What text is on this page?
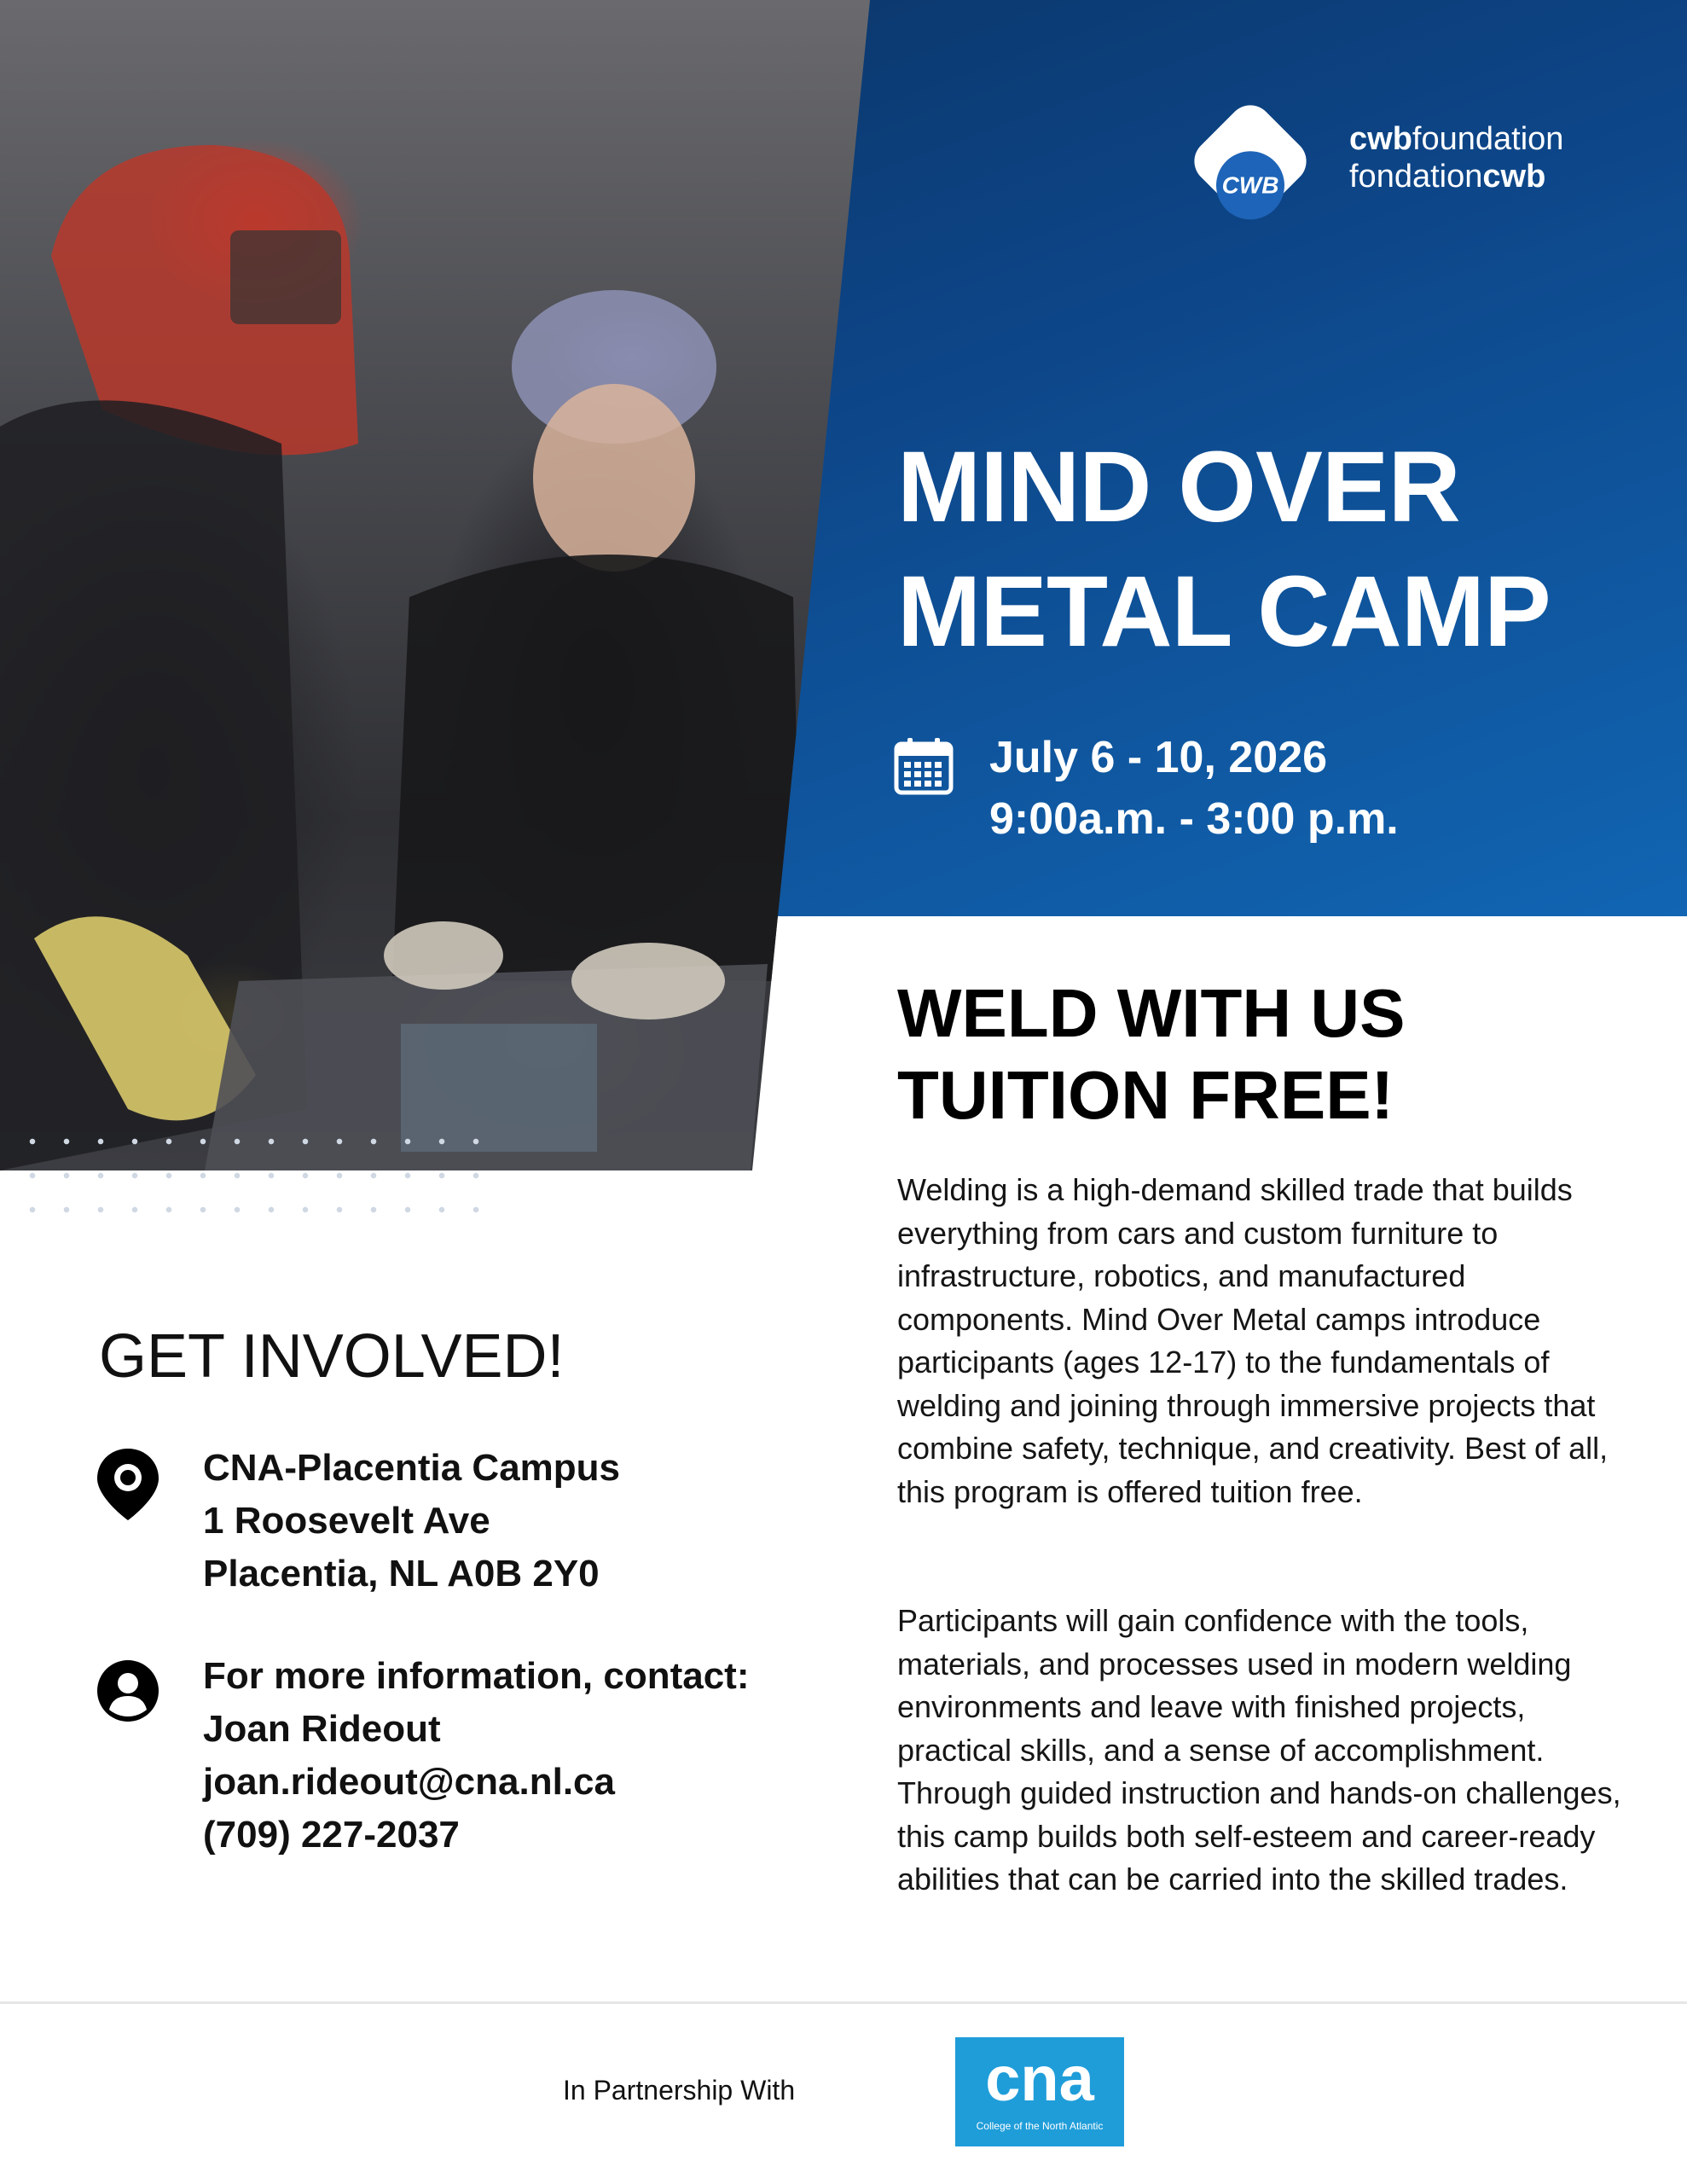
CWB
cwbfoundation
fondationcwb
MIND OVER
METAL CAMP
July 6 - 10, 2026
9:00a.m. - 3:00 p.m.
WELD WITH US
TUITION FREE!

Welding is a high-demand skilled trade that builds everything from cars and custom furniture to infrastructure, robotics, and manufactured components. Mind Over Metal camps introduce participants (ages 12-17) to the fundamentals of welding and joining through immersive projects that combine safety, technique, and creativity. Best of all, this program is offered tuition free.

Participants will gain confidence with the tools, materials, and processes used in modern welding environments and leave with finished projects, practical skills, and a sense of accomplishment. Through guided instruction and hands-on challenges, this camp builds both self-esteem and career-ready abilities that can be carried into the skilled trades.

GET INVOLVED!
CNA-Placentia Campus
1 Roosevelt Ave
Placentia, NL A0B 2Y0
For more information, contact:
Joan Rideout
joan.rideout@cna.nl.ca
(709) 227-2037
In Partnership With	cna
College of the North Atlantic
